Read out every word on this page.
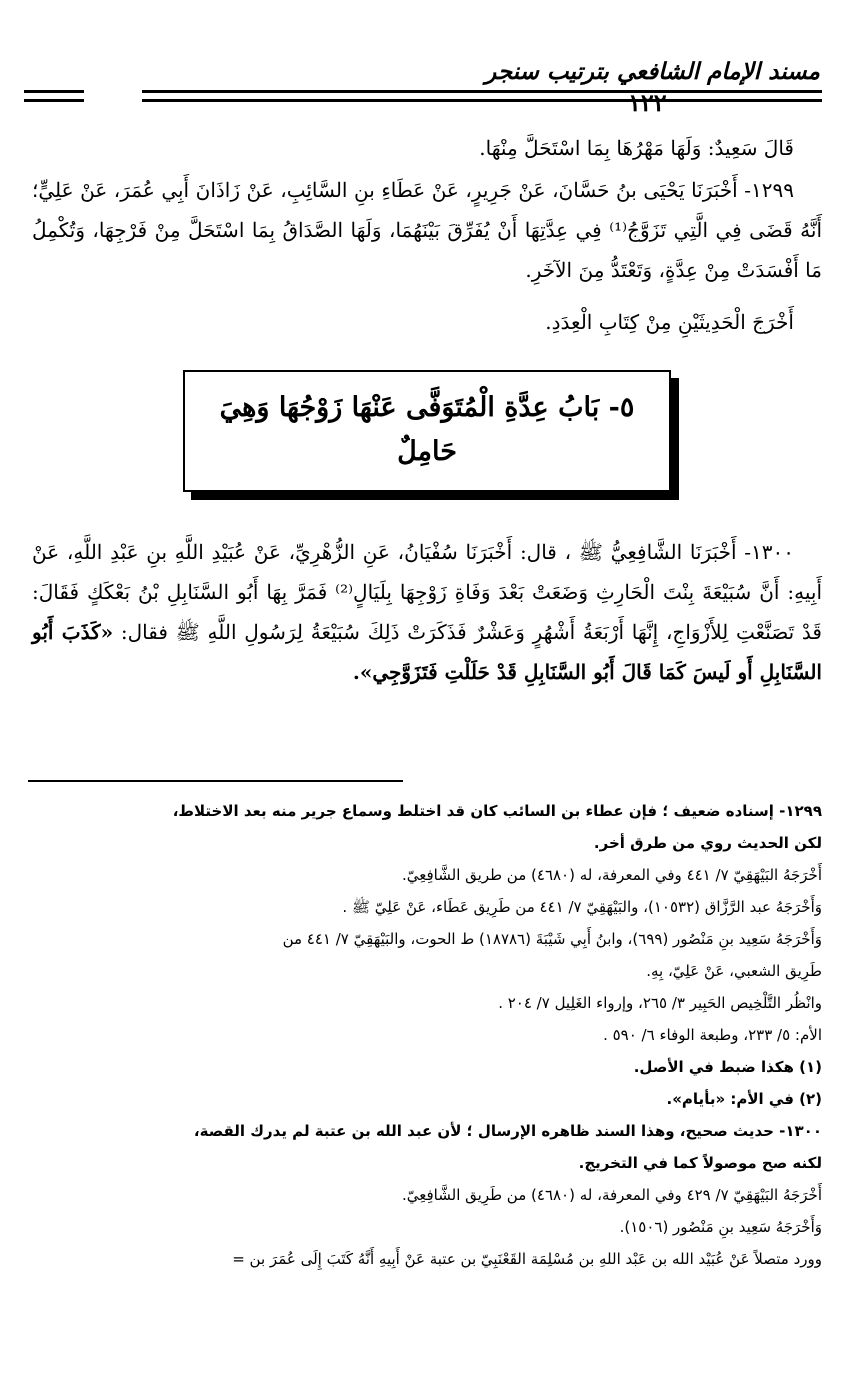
مسند الإمام الشافعي بترتيب سنجر
١٢٢
قَالَ سَعِيدٌ: وَلَهَا مَهْرُهَا بِمَا اسْتَحَلَّ مِنْهَا.
١٢٩٩- أَخْبَرَنَا يَحْيَى بنُ حَسَّانَ، عَنْ جَرِيرٍ، عَنْ عَطَاءِ بنِ السَّائِبِ، عَنْ زَاذَانَ أَبِي عُمَرَ، عَنْ عَلِيٍّ؛ أَنَّهُ قَضَى فِي الَّتِي تَزَوَّجُ⁽¹⁾ فِي عِدَّتِهَا أَنْ يُفَرِّقَ بَيْنَهُمَا، وَلَهَا الصَّدَاقُ بِمَا اسْتَحَلَّ مِنْ فَرْجِهَا، وَتُكْمِلُ مَا أَفْسَدَتْ مِنْ عِدَّةٍ، وَتَعْتَدُّ مِنَ الآخَرِ.
أَخْرَجَ الْحَدِيثَيْنِ مِنْ كِتَابِ الْعِدَدِ.
٥- بَابُ عِدَّةِ الْمُتَوَفَّى عَنْهَا زَوْجُهَا وَهِيَ
حَامِلٌ
١٣٠٠- أَخْبَرَنَا الشَّافِعِيُّ ﷺ ، قال: أَخْبَرَنَا سُفْيَانُ، عَنِ الزُّهْرِيِّ، عَنْ عُبَيْدِ اللَّهِ بنِ عَبْدِ اللَّهِ، عَنْ أَبِيهِ: أَنَّ سُبَيْعَةَ بِنْتَ الْحَارِثِ وَضَعَتْ بَعْدَ وَفَاةِ زَوْجِهَا بِلَيَالٍ⁽²⁾ فَمَرَّ بِهَا أَبُو السَّنَابِلِ بْنُ بَعْكَكٍ فَقَالَ: قَدْ تَصَنَّعْتِ لِلأَزْوَاجِ، إِنَّهَا أَرْبَعَةُ أَشْهُرٍ وَعَشْرٌ فَذَكَرَتْ ذَلِكَ سُبَيْعَةُ لِرَسُولِ اللَّهِ ﷺ فقال: «كَذَبَ أَبُو السَّنَابِلِ أَو لَيسَ كَمَا قَالَ أَبُو السَّنَابِلِ قَدْ حَلَلْتِ فَتَزَوَّجِي».
١٢٩٩- إسناده ضعيف ؛ فإن عطاء بن السائب كان قد اختلط وسماع جرير منه بعد الاختلاط،
لكن الحديث روي من طرق أخر.
أَخْرَجَهُ البَيْهَقِيّ ٧/ ٤٤١ وفي المعرفة، له (٤٦٨٠) من طريق الشَّافِعِيّ.
وَأَخْرَجَهُ عبد الرَّزَّاق (١٠٥٣٢)، والبَيْهَقِيّ ٧/ ٤٤١ من طَرِيق عَطَاء، عَنْ عَلِيّ ﷺ .
وَأَخْرَجَهُ سَعِيد بنِ مَنْصُور (٦٩٩)، وابنُ أَبِي شَيْبَةَ (١٨٧٨٦) ط الحوت، والبَيْهَقِيّ ٧/ ٤٤١ من
طَرِيق الشعبي، عَنْ عَلِيّ، بِهِ.
وانْظُر التَّلْخِيص الحَبِير ٣/ ٢٦٥، وإرواء الغَلِيل ٧/ ٢٠٤ .
الأم: ٥/ ٢٣٣، وطبعة الوفاء ٦/ ٥٩٠ .
(١) هكذا ضبط في الأصل.
(٢) في الأم: «بأيام».
١٣٠٠- حديث صحيح، وهذا السند ظاهره الإرسال ؛ لأن عبد الله بن عتبة لم يدرك القصة،
لكنه صح موصولاً كما في التخريج.
أَخْرَجَهُ البَيْهَقِيّ ٧/ ٤٢٩ وفي المعرفة، له (٤٦٨٠) من طَرِيق الشَّافِعِيّ.
وَأَخْرَجَهُ سَعِيد بنِ مَنْصُور (١٥٠٦).
وورد متصلاً عَنْ عُبَيْد الله بن عَبْد اللهِ بن مُسْلِمَة القَعْنَبِيّ بن عتبة عَنْ أَبِيهِ أَنَّهُ كَتَبَ إِلَى عُمَرَ بن =
